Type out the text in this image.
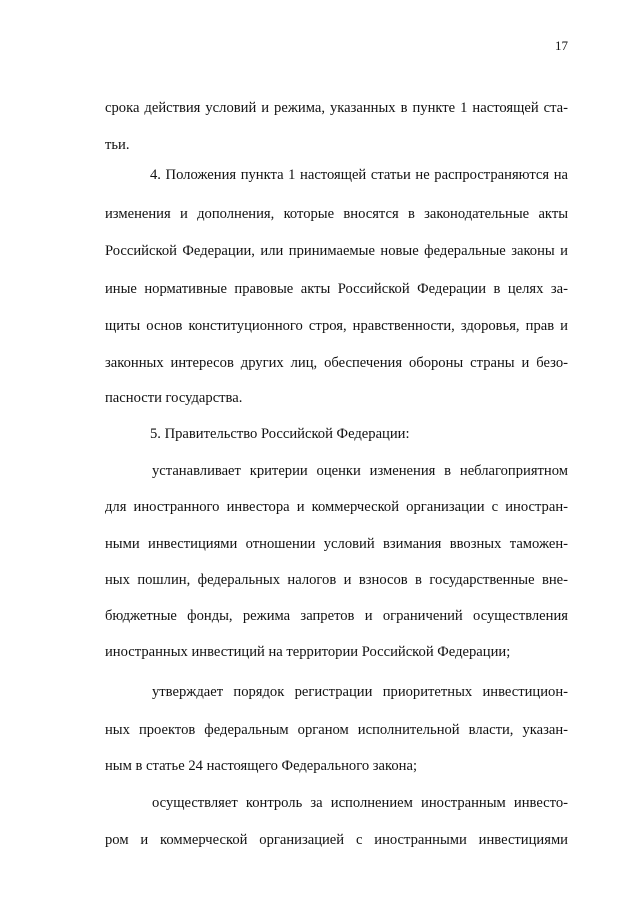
17
срока действия условий и режима, указанных в пункте 1 настоящей ста-
тьи.
4. Положения пункта 1 настоящей статьи не распространяются на
изменения и дополнения, которые вносятся в законодательные акты
Российской Федерации, или принимаемые новые федеральные законы и
иные нормативные правовые акты Российской Федерации в целях за-
щиты основ конституционного строя, нравственности, здоровья, прав и
законных интересов других лиц, обеспечения обороны страны и безо-
пасности государства.
5. Правительство Российской Федерации:
устанавливает критерии оценки изменения в неблагоприятном
для иностранного инвестора и коммерческой организации с иностран-
ными инвестициями отношении условий взимания ввозных таможен-
ных пошлин, федеральных налогов и взносов в государственные вне-
бюджетные фонды, режима запретов и ограничений осуществления
иностранных инвестиций на территории Российской Федерации;
утверждает порядок регистрации приоритетных инвестицион-
ных проектов федеральным органом исполнительной власти, указан-
ным в статье 24 настоящего Федерального закона;
осуществляет контроль за исполнением иностранным инвесто-
ром и коммерческой организацией с иностранными инвестициями
